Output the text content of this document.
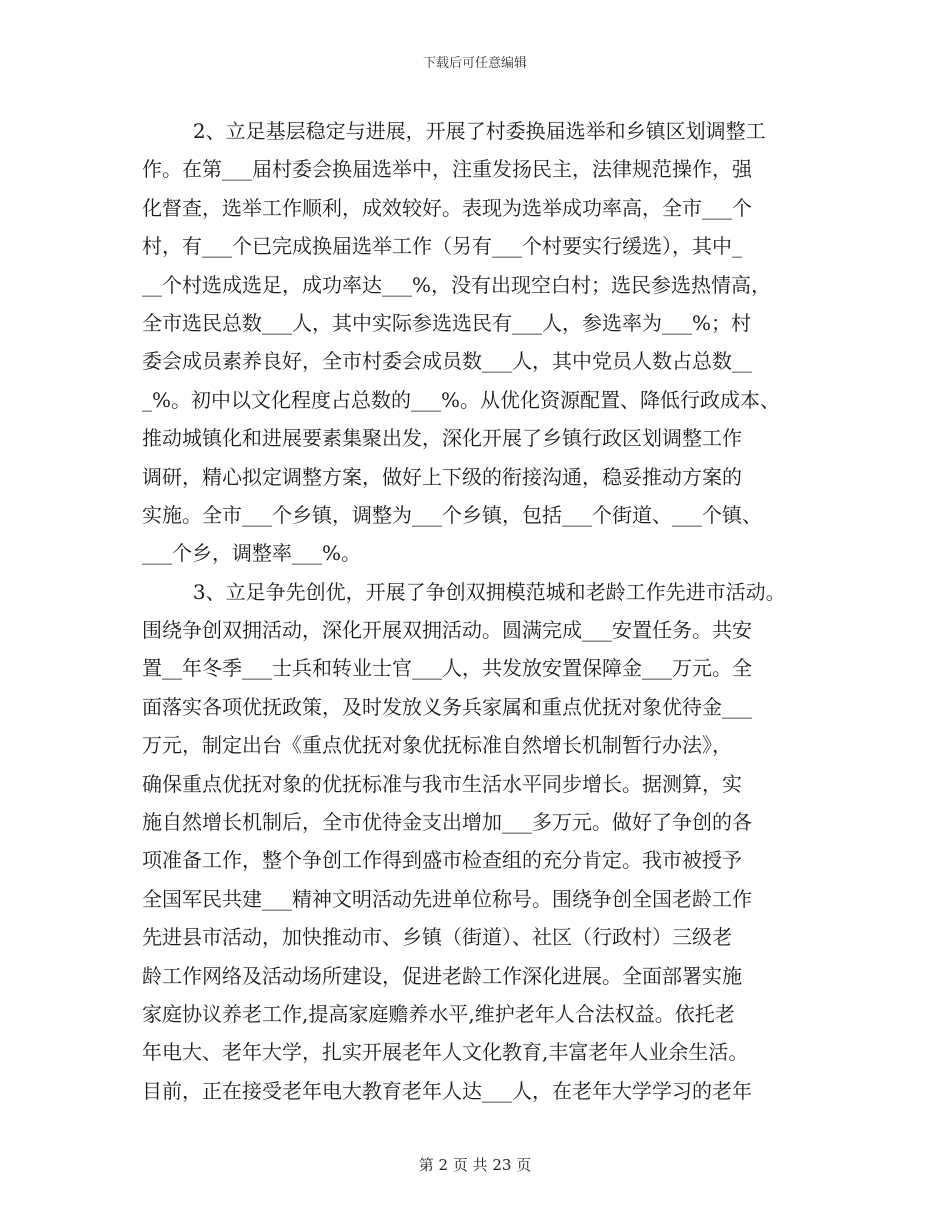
下载后可任意编辑
2、立足基层稳定与进展，开展了村委换届选举和乡镇区划调整工
作。在第___届村委会换届选举中，注重发扬民主，法律规范操作，强
化督查，选举工作顺利，成效较好。表现为选举成功率高，全市___个
村，有___个已完成换届选举工作（另有___个村要实行缓选），其中_
__个村选成选足，成功率达___%，没有出现空白村；选民参选热情高，
全市选民总数___人，其中实际参选选民有___人，参选率为___%；村
委会成员素养良好，全市村委会成员数___人，其中党员人数占总数__
_%。初中以文化程度占总数的___%。从优化资源配置、降低行政成本、
推动城镇化和进展要素集聚出发，深化开展了乡镇行政区划调整工作
调研，精心拟定调整方案，做好上下级的衔接沟通，稳妥推动方案的
实施。全市___个乡镇，调整为___个乡镇，包括___个街道、___个镇、
___个乡，调整率___%。
3、立足争先创优，开展了争创双拥模范城和老龄工作先进市活动。
围绕争创双拥活动，深化开展双拥活动。圆满完成___安置任务。共安
置__年冬季___士兵和转业士官___人，共发放安置保障金___万元。全
面落实各项优抚政策，及时发放义务兵家属和重点优抚对象优待金___
万元，制定出台《重点优抚对象优抚标准自然增长机制暂行办法》，
确保重点优抚对象的优抚标准与我市生活水平同步增长。据测算，实
施自然增长机制后，全市优待金支出增加___多万元。做好了争创的各
项准备工作，整个争创工作得到盛市检查组的充分肯定。我市被授予
全国军民共建___精神文明活动先进单位称号。围绕争创全国老龄工作
先进县市活动，加快推动市、乡镇（街道）、社区（行政村）三级老
龄工作网络及活动场所建设，促进老龄工作深化进展。全面部署实施
家庭协议养老工作,提高家庭赡养水平,维护老年人合法权益。依托老
年电大、老年大学，扎实开展老年人文化教育,丰富老年人业余生活。
目前，正在接受老年电大教育老年人达___人，在老年大学学习的老年
第 2 页 共 23 页
